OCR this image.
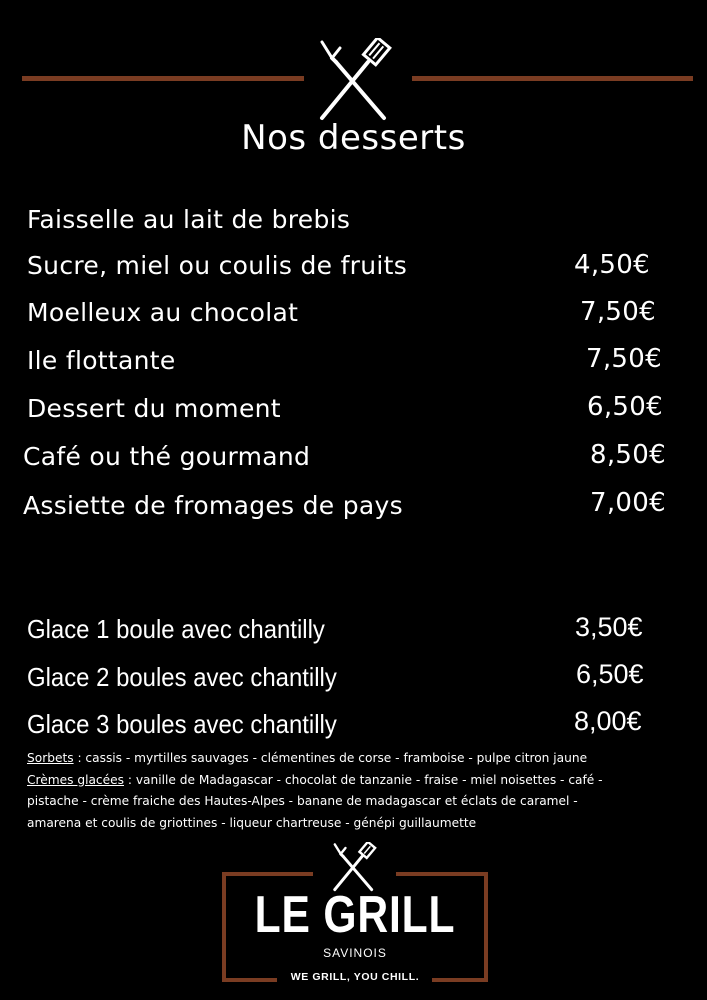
Nos desserts
Faisselle au lait de brebis
Sucre, miel ou coulis de fruits	4,50€
Moelleux au chocolat	7,50€
Ile flottante	7,50€
Dessert du moment	6,50€
Café ou thé gourmand	8,50€
Assiette de fromages de pays	7,00€
Glace 1 boule avec chantilly	3,50€
Glace 2 boules avec chantilly	6,50€
Glace 3 boules avec chantilly	8,00€
Sorbets : cassis - myrtilles sauvages - clémentines de corse - framboise - pulpe citron jaune
Crèmes glacées : vanille de Madagascar - chocolat de tanzanie - fraise - miel noisettes - café -
pistache - crème fraiche des Hautes-Alpes - banane de madagascar et éclats de caramel -
amarena et coulis de griottines - liqueur chartreuse - génépi guillaumette
LE GRILL
SAVINOIS
WE GRILL, YOU CHILL.
